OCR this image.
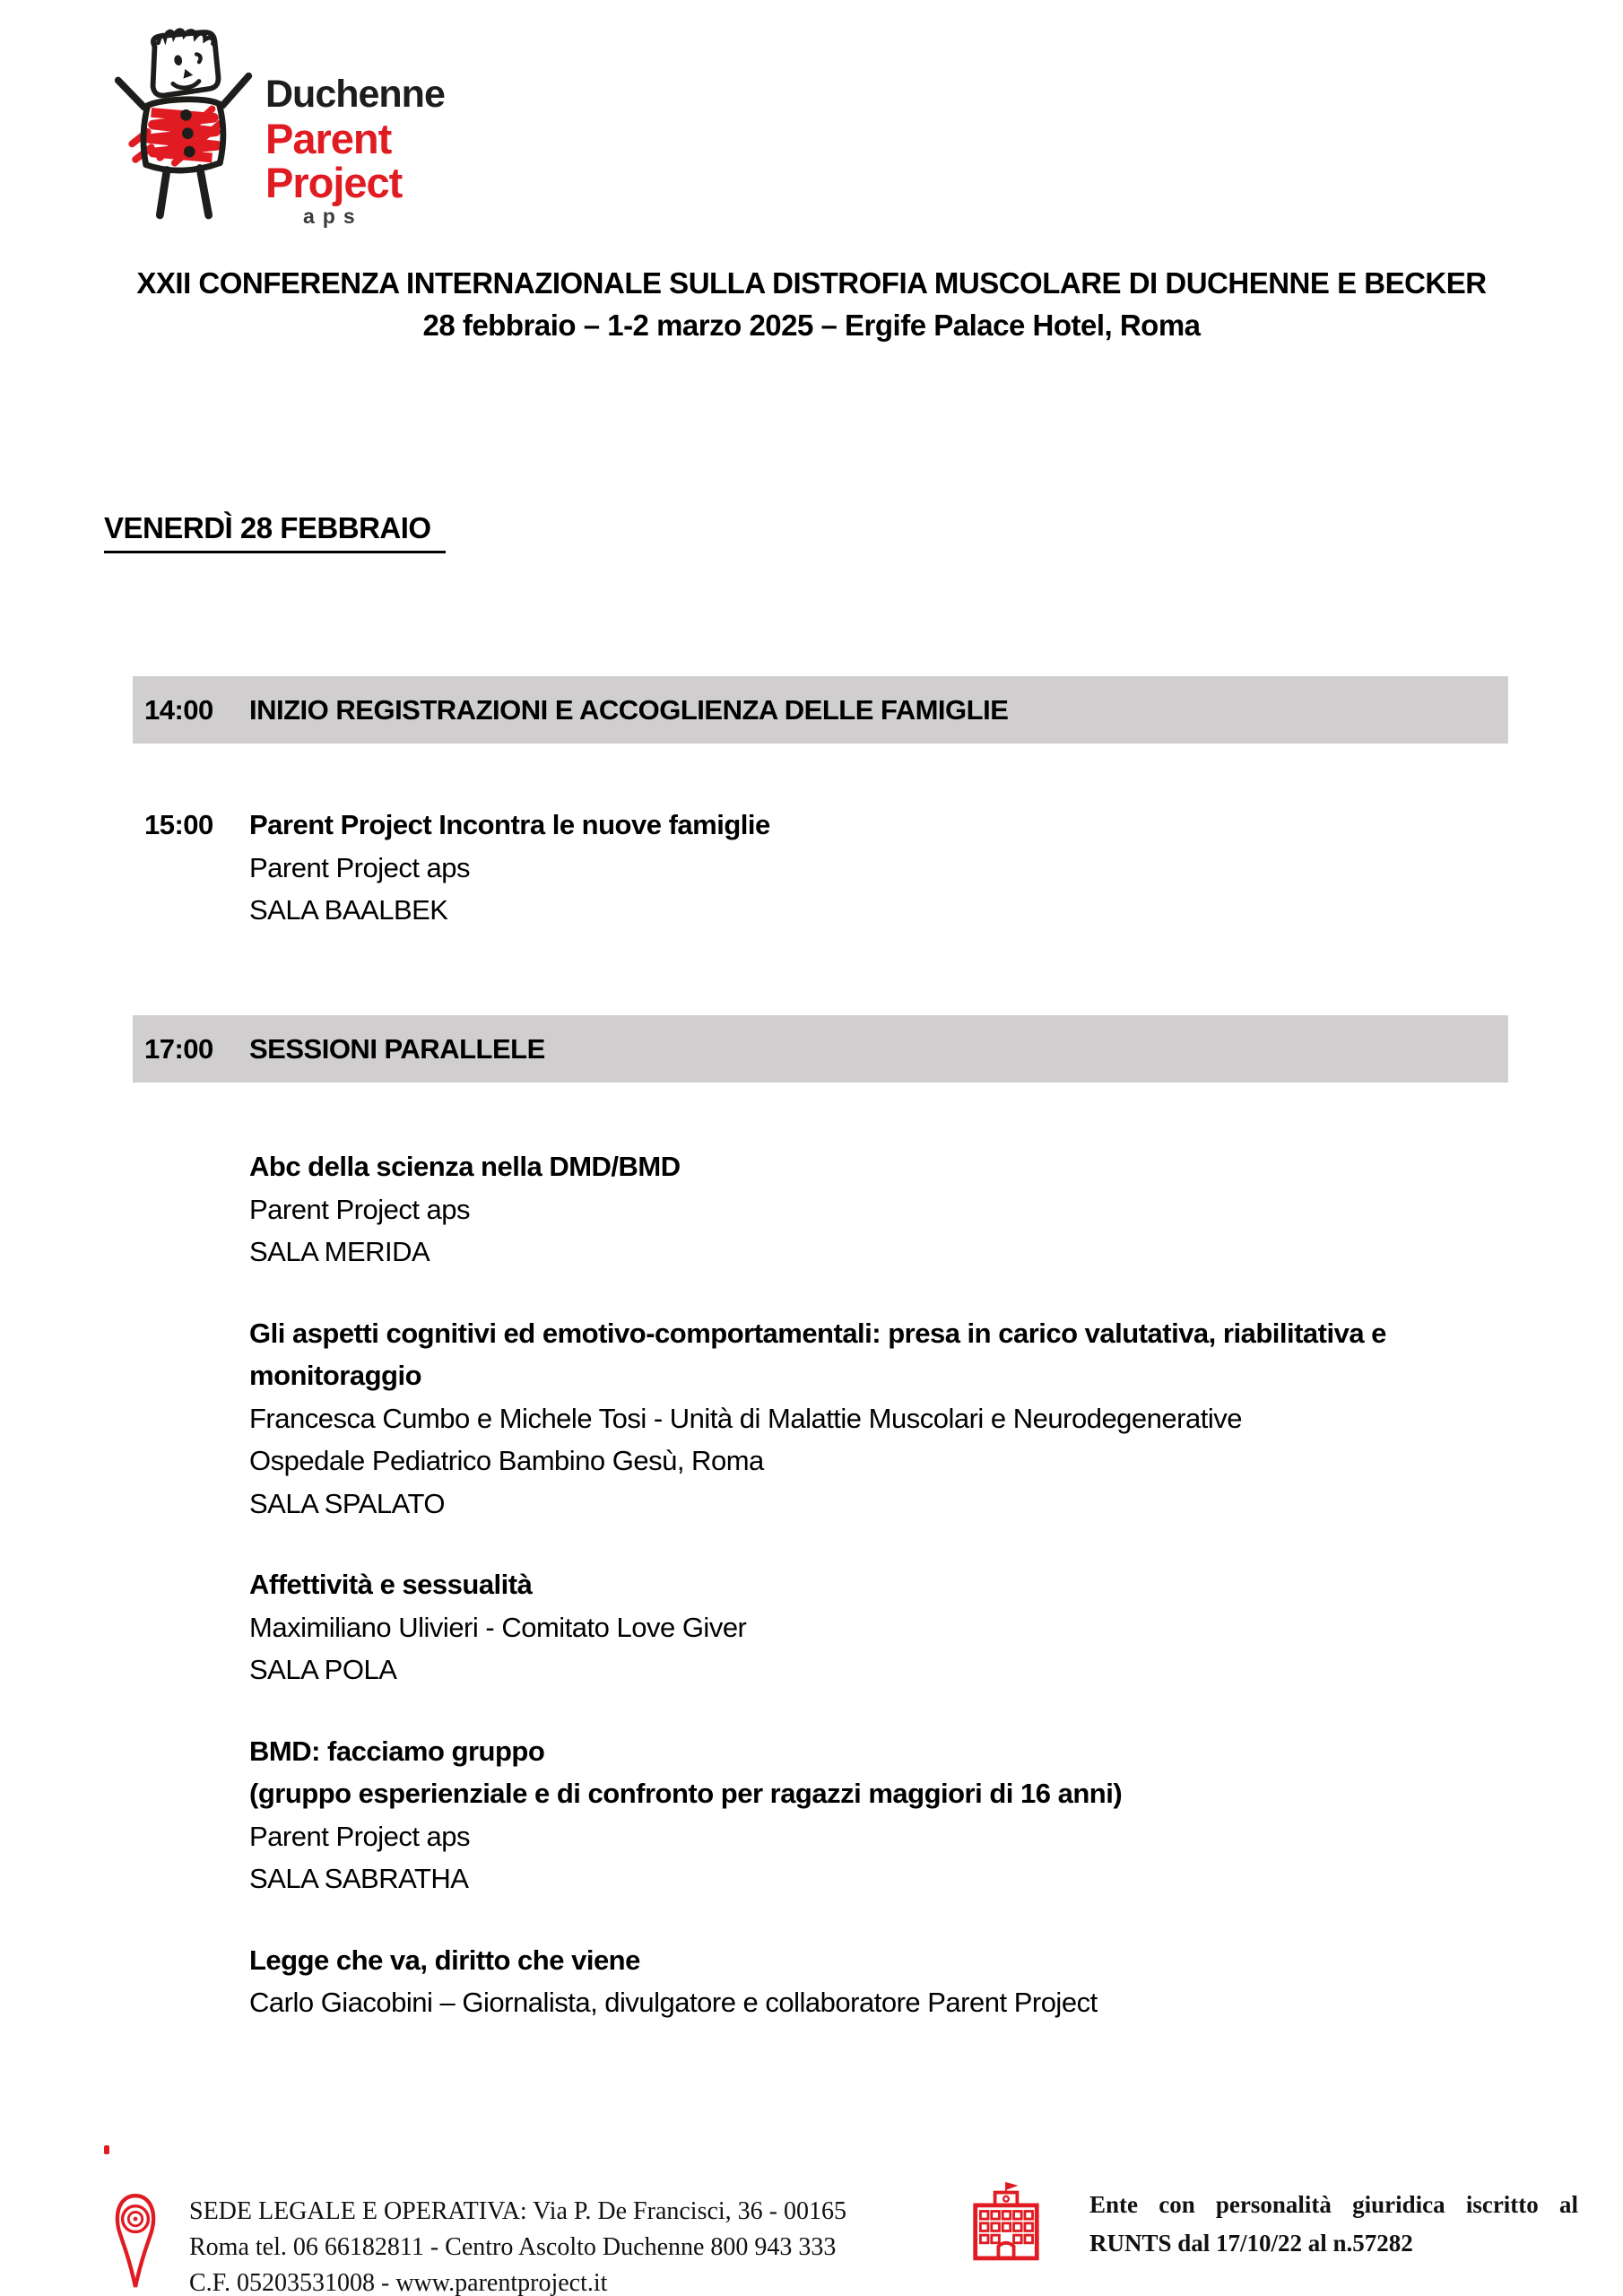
Duchenne
Parent
Project
aps
XXII CONFERENZA INTERNAZIONALE SULLA DISTROFIA MUSCOLARE DI DUCHENNE E BECKER
28 febbraio – 1-2 marzo 2025 – Ergife Palace Hotel, Roma
VENERDÌ 28 FEBBRAIO
14:00	INIZIO REGISTRAZIONI E ACCOGLIENZA DELLE FAMIGLIE
15:00	Parent Project Incontra le nuove famiglie
Parent Project aps
SALA BAALBEK
17:00	SESSIONI PARALLELE
Abc della scienza nella DMD/BMD
Parent Project aps
SALA MERIDA
Gli aspetti cognitivi ed emotivo-comportamentali: presa in carico valutativa, riabilitativa e monitoraggio
Francesca Cumbo e Michele Tosi - Unità di Malattie Muscolari e Neurodegenerative
Ospedale Pediatrico Bambino Gesù, Roma
SALA SPALATO
Affettività e sessualità
Maximiliano Ulivieri - Comitato Love Giver
SALA POLA
BMD: facciamo gruppo
(gruppo esperienziale e di confronto per ragazzi maggiori di 16 anni)
Parent Project aps
SALA SABRATHA
Legge che va, diritto che viene
Carlo Giacobini – Giornalista, divulgatore e collaboratore Parent Project
SEDE LEGALE E OPERATIVA: Via P. De Francisci, 36 - 00165
Roma tel. 06 66182811 - Centro Ascolto Duchenne 800 943 333
C.F. 05203531008 - www.parentproject.it
Ente con personalità giuridica iscritto al
RUNTS dal 17/10/22 al n.57282
